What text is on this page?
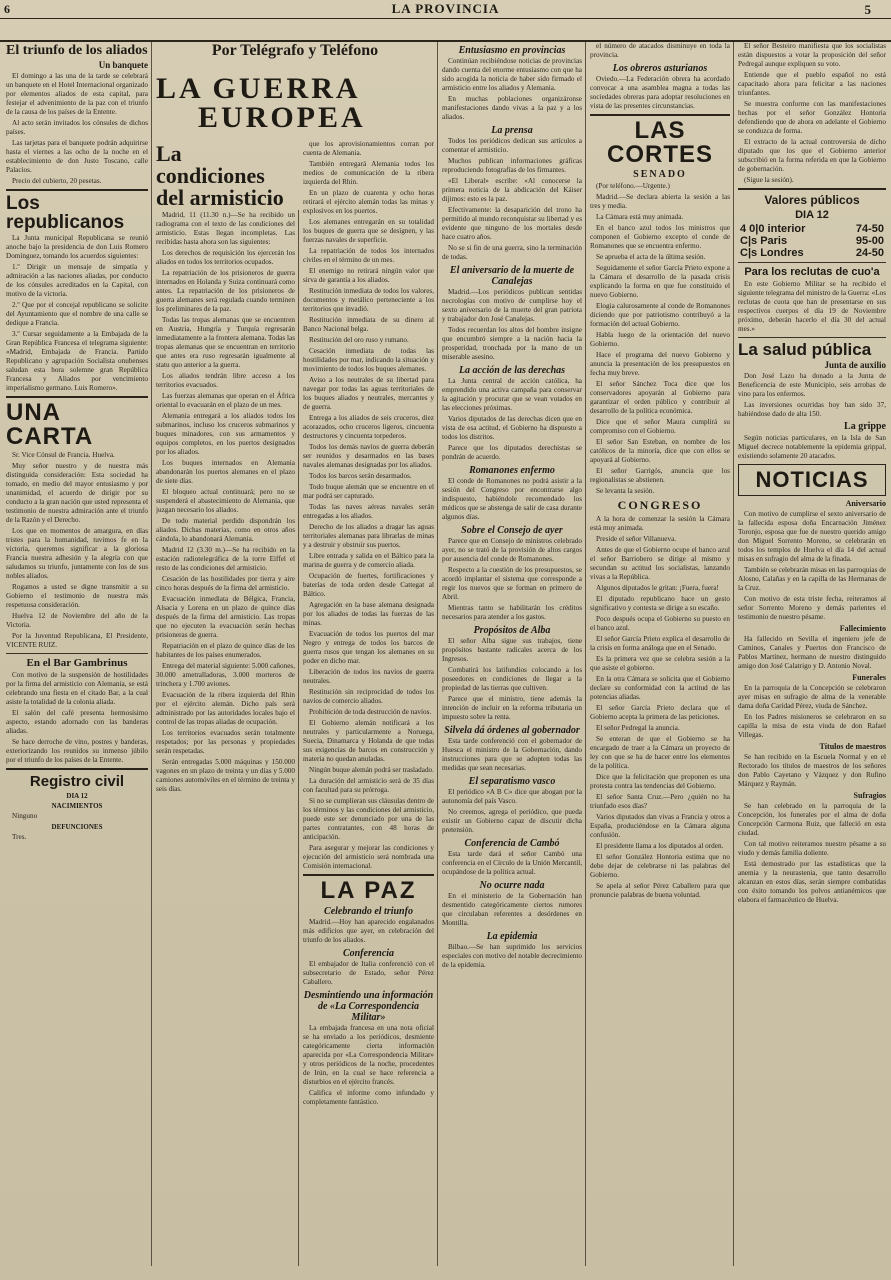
6	LA PROVINCIA	5
El triunfo de los aliados
Un banquete

El domingo a las una de la tarde se celebrará un banquete en el Hotel Internacional organizado por elementos aliados de esta capital, para festejar el advenimiento de la paz con el triunfo de la causa de los países de la Entente.

Al acto serán invitados los cónsules de dichos países.

Las tarjetas para el banquete podrán adquirirse hasta el viernes a las ocho de la noche en el establecimiento de don Justo Toscano, calle Palacios.

Precio del cubierto, 20 pesetas.

Los republicanos

La Junta municipal Republicana se reunió anoche bajo la presidencia de don Luis Romero Domínguez, tomando los acuerdos siguientes:

1.º Dirigir un mensaje de simpatía y admiración a las naciones aliadas, por conducto de los cónsules acreditados en la Capital, con motivo de la victoria.

2.º Que por el concejal republicano se solicite del Ayuntamiento que el nombre de una calle se dedique a Francia.

3.º Cursar seguidamente a la Embajada de la Gran República Francesa el telegrama siguiente: «Madrid, Embajada de Francia. Partido Republicano y agrupación Socialista onubenses saludan esta hora solemne gran República Francesa y Aliados por vencimiento imperialismo germano. Luis Romero».

UNA CARTA

Sr. Vice Cónsul de Francia. Huelva.

Muy señor nuestro y de nuestra más distinguida consideración: Esta sociedad ha tomado, en medio del mayor entusiasmo y por unanimidad, el acuerdo de dirigir por su conducto a la gran nación que usted representa el testimonio de nuestra admiración ante el triunfo de la Razón y el Derecho.

Los que en momentos de amargura, en días tristes para la humanidad, tuvimos fe en la victoria, queremos significar a la gloriosa Francia nuestra adhesión y la alegría con que saludamos su triunfo, juntamente con los de sus nobles aliados.

Rogamos a usted se digne transmitir a su Gobierno el testimonio de nuestra más respetuosa consideración.

Huelva 12 de Noviembre del año de la Victoria.

Por la Juventud Republicana, El Presidente, VICENTE RUIZ.

En el Bar Gambrinus

Con motivo de la suspensión de hostilidades por la firma del armisticio con Alemania, se está celebrando una fiesta en el citado Bar, a la cual asiste la totalidad de la colonia aliada.

El salón del café presenta hermosísimo aspecto, estando adornado con las banderas aliadas.

Se hace derroche de vino, postres y banderas, exteriorizando los reunidos su inmenso júbilo por el triunfo de los países de la Entente.

Registro civil
DIA 12
NACIMIENTOS

Ninguno

DEFUNCIONES

Tres.

Por Telégrafo y Teléfono
LA GUERRA
EUROPEA
La condiciones del armisticio

Madrid, 11 (11.30 n.)—Se ha recibido un radiograma con el texto de las condiciones del armisticio. Estas llegan incompletas. Las recibidas hasta ahora son las siguientes:

Los derechos de requisición los ejercerán los aliados en todos los territorios ocupados.

La repatriación de los prisioneros de guerra internados en Holanda y Suiza continuará como antes. La repatriación de los prisioneros de guerra alemanes será regulada cuando terminen los preliminares de la paz.

Todas las tropas alemanas que se encuentren en Austria, Hungría y Turquía regresarán inmediatamente a la frontera alemana. Todas las tropas alemanas que se encuentran en territorio que antes era ruso regresarán igualmente al statu quo anterior a la guerra.

Los aliados tendrán libre acceso a los territorios evacuados.

Las fuerzas alemanas que operan en el África oriental lo evacuarán en el plazo de un mes.

Alemania entregará a los aliados todos los submarinos, incluso los cruceros submarinos y buques minadores, con sus armamentos y equipos completos, en los puertos designados por los aliados.

Los buques internados en Alemania abandonarán los puertos alemanes en el plazo de siete días.

El bloqueo actual continuará; pero no se suspenderá el abastecimiento de Alemania, que juzgan necesario los aliados.

De todo material perdido dispondrán los aliados. Dichas materias, como en otros años cándola, lo abandonará Alemania.

Madrid 12 (3.30 m.)—Se ha recibido en la estación radiotelegráfica de la torre Eiffel el resto de las condiciones del armisticio.

Cesación de las hostilidades por tierra y aire cinco horas después de la firma del armisticio.

Evacuación inmediata de Bélgica, Francia, Alsacia y Lorena en un plazo de quince días después de la firma del armisticio. Las tropas que no ejecuten la evacuación serán hechas prisioneras de guerra.

Repatriación en el plazo de quince días de los habitantes de los países enumerados.

Entrega del material siguiente: 5.000 cañones, 30.000 ametralladoras, 3.000 morteros de trinchera y 1.700 aviones.

Evacuación de la ribera izquierda del Rhin por el ejército alemán. Dicho país será administrado por las autoridades locales bajo el control de las tropas aliadas de ocupación.

Los territorios evacuados serán totalmente respetados; por las personas y propiedades serán respetadas.

Serán entregadas 5.000 máquinas y 150.000 vagones en un plazo de treinta y un días y 5.000 camiones automóviles en el término de treinta y seis días.

que los aprovisionamientos corran por cuenta de Alemania.

También entregará Alemania todos los medios de comunicación de la ribera izquierda del Rhin.

En un plazo de cuarenta y ocho horas retirará el ejército alemán todas las minas y explosivos en los puertos.

Los alemanes entregarán en su totalidad los buques de guerra que se designen, y las fuerzas navales de superficie.

La repatriación de todos los internados civiles en el término de un mes.

El enemigo no retirará ningún valor que sirva de garantía a los aliados.

Restitución inmediata de todos los valores, documentos y metálico perteneciente a los territorios que invadió.

Restitución inmediata de su dinero al Banco Nacional belga.

Restitución del oro ruso y rumano.

Cesación inmediata de todas las hostilidades por mar, indicando la situación y movimiento de todos los buques alemanes.

Aviso a los neutrales de su libertad para navegar por todas las aguas territoriales de los buques aliados y neutrales, mercantes y de guerra.

Entrega a los aliados de seis cruceros, diez acorazados, ocho cruceros ligeros, cincuenta destructores y cincuenta torpederos.

Todos los demás navíos de guerra deberán ser reunidos y desarmados en las bases navales alemanas designadas por los aliados.

Todos los barcos serán desarmados.

Todo buque alemán que se encuentre en el mar podrá ser capturado.

Todas las naves aéreas navales serán entregadas a los aliados.

Derecho de los aliados a dragar las aguas territoriales alemanas para librarlas de minas y a destruir y obstruir sus puertos.

Libre entrada y salida en el Báltico para la marina de guerra y de comercio aliada.

Ocupación de fuertes, fortificaciones y baterías de toda orden desde Cattegat al Báltico.

Agregación en la base alemana designada por los aliados de todas las fuerzas de las minas.

Evacuación de todos los puertos del mar Negro y entrega de todos los barcos de guerra rusos que tengan los alemanes en su poder en dicho mar.

Liberación de todos los navíos de guerra neutrales.

Restitución sin reciprocidad de todos los navíos de comercio aliados.

Prohibición de toda destrucción de navíos.

El Gobierno alemán notificará a los neutrales y particularmente a Noruega, Suecia, Dinamarca y Holanda de que todas sus exigencias de barcos en construcción y materia no quedan anuladas.

Ningún buque alemán podrá ser trasladado.

La duración del armisticio será de 35 días con facultad para su prórroga.

Si no se cumplieran sus cláusulas dentro de los términos y las condiciones del armisticio, puede este ser denunciado por una de las partes contratantes, con 48 horas de anticipación.

Para asegurar y mejorar las condiciones y ejecución del armisticio será nombrada una Comisión internacional.

LA PAZ
Celebrando el triunfo

Madrid.—Hoy han aparecido engalanados más edificios que ayer, en celebración del triunfo de los aliados.

Conferencia

El embajador de Italia conferenció con el subsecretario de Estado, señor Pérez Caballero.

Desmintiendo una información de «La Correspondencia Militar»

La embajada francesa en una nota oficial se ha enviado a los periódicos, desmiente categóricamente cierta información aparecida por «La Correspondencia Militar» y otros periódicos de la noche, procedentes de Irún, en la cual se hace referencia a disturbios en el ejército francés.

Califica el informe como infundado y completamente fantástico.

Entusiasmo en provincias

Continúan recibiéndose noticias de provincias dando cuenta del enorme entusiasmo con que ha sido acogida la noticia de haber sido firmado el armisticio entre los aliados y Alemania.

En muchas poblaciones organizáronse manifestaciones dando vivas a la paz y a los aliados.

La prensa

Todos los periódicos dedican sus artículos a comentar el armisticio.

Muchos publican informaciones gráficas reproduciendo fotografías de los firmantes.

«El Liberal» escribe: «Al conocerse la primera noticia de la abdicación del Káiser dijimos: esto es la paz.

Efectivamente: la desaparición del trono ha permitido al mundo reconquistar su libertad y es evidente que ninguno de los mortales desde hace cuatro años.

No se si fin de una guerra, sino la terminación de todas.

El aniversario de la muerte de Canalejas

Madrid.—Los periódicos publican sentidas necrologías con motivo de cumplirse hoy el sexto aniversario de la muerte del gran patriota y trabajador don José Canalejas.

Todos recuerdan los altos del hombre insigne que encumbró siempre a la nación hacia la prosperidad, tronchada por la mano de un miserable asesino.

La acción de las derechas

La Junta central de acción católica, ha emprendido una activa campaña para conservar la agitación y procurar que se vean votados en las elecciones próximas.

Varios diputados de las derechas dicen que en vista de esa actitud, el Gobierno ha dispuesto a todos los distritos.

Parece que los diputados derechistas se pondrán de acuerdo.

Romanones enfermo

El conde de Romanones no podrá asistir a la sesión del Congreso por encontrarse algo indispuesto, habiéndole recomendado los médicos que se abstenga de salir de casa durante algunos días.

Sobre el Consejo de ayer

Parece que en Consejo de ministros celebrado ayer, no se trató de la provisión de altos cargos por ausencia del conde de Romanones.

Respecto a la cuestión de los presupuestos, se acordó implantar el sistema que corresponde a regir los nuevos que se forman en primero de Abril.

Mientras tanto se habilitarán los créditos necesarios para atender a los gastos.

Propósitos de Alba

El señor Alba sigue sus trabajos, tiene propósitos bastante radicales acerca de los Ingresos.

Combatirá los latifundios colocando a los poseedores en condiciones de llegar a la propiedad de las tierras que cultiven.

Parece que el ministro, tiene además la intención de incluir en la reforma tributaria un impuesto sobre la renta.

Silvela dá órdenes al gobernador

Esta tarde conferenció con el gobernador de Huesca el ministro de la Gobernación, dando instrucciones para que se adopten todas las medidas que sean necesarias.

El separatismo vasco

El periódico «A B C» dice que abogan por la autonomía del país Vasco.

No creemos, agrega el periódico, que pueda existir un Gobierno capaz de discutir dicha pretensión.

Conferencia de Cambó

Esta tarde dará el señor Cambó una conferencia en el Círculo de la Unión Mercantil, ocupándose de la política actual.

No ocurre nada

En el ministerio de la Gobernación han desmentido categóricamente ciertos rumores que circulaban referentes a desórdenes en Montilla.

La epidemia

Bilbao.—Se han suprimido los servicios especiales con motivo del notable decrecimiento de la epidemia.

el número de atacados disminuye en toda la provincia.

Los obreros asturianos

Oviedo.—La Federación obrera ha acordado convocar a una asamblea magna a todas las sociedades obreras para adoptar resoluciones en vista de las presentes circunstancias.

LAS CORTES
SENADO

(Por teléfono.—Urgente.)

Madrid.—Se declara abierta la sesión a las tres y media.

La Cámara está muy animada.

En el banco azul todos los ministros que componen el Gobierno excepto el conde de Romanones que se encuentra enfermo.

Se aprueba el acta de la última sesión.

Seguidamente el señor García Prieto expone a la Cámara el desarrollo de la pasada crisis explicando la forma en que fue constituido el nuevo Gobierno.

Elogia calurosamente al conde de Romanones diciendo que por patriotismo contribuyó a la formación del actual Gobierno.

Habla luego de la orientación del nuevo Gobierno.

Hace el programa del nuevo Gobierno y anuncia la presentación de los presupuestos en fecha muy breve.

El señor Sánchez Toca dice que los conservadores apoyarán al Gobierno para garantizar el orden público y contribuir al desarrollo de la política económica.

Dice que el señor Maura cumplirá su compromiso con el Gobierno.

El señor San Esteban, en nombre de los católicos de la minoría, dice que con ellos se apoyará al Gobierno.

El señor Garrigós, anuncia que los regionalistas se abstienen.

Se levanta la sesión.

CONGRESO

A la hora de comenzar la sesión la Cámara está muy animada.

Preside el señor Villanueva.

Antes de que el Gobierno ocupe el banco azul el señor Barriobero se dirige al mismo y secundan su actitud los socialistas, lanzando vivas a la República.

Algunos diputados le gritan: ¡Fuera, fuera!

El diputado republicano hace un gesto significativo y contesta se dirige a su escaño.

Poco después ocupa el Gobierno su puesto en el banco azul.

El señor García Prieto explica el desarrollo de la crisis en forma análoga que en el Senado.

Es la primera vez que se celebra sesión a la que asiste el gobierno.

En la otra Cámara se solicita que el Gobierno declare su conformidad con la actitud de las potencias aliadas.

El señor García Prieto declara que el Gobierno acepta la primera de las peticiones.

El señor Pedregal la anuncia.

Se enteran de que el Gobierno se ha encargado de traer a la Cámara un proyecto de ley con que se ha de hacer entre los elementos de la política.

Dice que la felicitación que proponen es una protesta contra las tendencias del Gobierno.

El señor Santa Cruz.—Pero ¿quién no ha triunfado esos días?

Varios diputados dan vivas a Francia y otros a España, produciéndose en la Cámara alguna confusión.

El presidente llama a los diputados al orden.

El señor González Hontoria estima que no debe dejar de celebrarse ni las palabras del Gobierno.

Se apela al señor Pérez Caballero para que pronuncie palabras de buena voluntad.

El señor Besteiro manifiesta que los socialistas están dispuestos a votar la proposición del señor Pedregal aunque expliquen su voto.

Entiende que el pueblo español no está capacitado ahora para felicitar a las naciones triunfantes.

Se muestra conforme con las manifestaciones hechas por el señor González Hontoria defendiendo que de ahora en adelante el Gobierno se conduzca de forma.

El extracto de la actual controversia de dicho diputado que los que el Gobierno anterior subscribió en la forma referida en que la Gobierno de gobernación.

(Sigue la sesión).

Valores públicos
DIA 12
4 0|0 interior	74-50
C|s Paris	95-00
C|s Londres	24-50
Para los reclutas de cuo'a

En este Gobierno Militar se ha recibido el siguiente telegrama del ministro de la Guerra: «Los reclutas de cuota que han de presentarse en sus respectivos cuerpos el día 19 de Noviembre próximo, deberán hacerlo el día 30 del actual mes.»

La salud pública
Junta de auxilio

Don José Lazo ha donado a la Junta de Beneficencia de este Municipio, seis arrobas de vino para los enfermos.

Las inversiones ocurridas hoy han sido 37, habiéndose dado de alta 150.

La grippe

Según noticias particulares, en la Isla de San Miguel decrece notablemente la epidemia grippal, existiendo solamente 20 atacados.

NOTICIAS
Aniversario

Con motivo de cumplirse el sexto aniversario de la fallecida esposa doña Encarnación Jiménez Toronjo, esposa que fue de nuestro querido amigo don Miguel Sorrento Moreno, se celebrarán en todos los templos de Huelva el día 14 del actual misas en sufragio del alma de la finada.

También se celebrarán misas en las parroquias de Alosno, Calañas y en la capilla de las Hermanas de la Cruz.

Con motivo de esta triste fecha, reiteramos al señor Sorrento Moreno y demás parientes el testimonio de nuestro pésame.

Fallecimiento

Ha fallecido en Sevilla el ingeniero jefe de Caminos, Canales y Puertos don Francisco de Pablos Martínez, hermano de nuestro distinguido amigo don José Calatrigo y D. Antonio Noval.

Funerales

En la parroquia de la Concepción se celebraron ayer misas en sufragio de alma de la venerable dama doña Caridad Pérez, viuda de Sánchez.

En los Padres misioneros se celebraron en su capilla la misa de esta viuda de don Rafael Villegas.

Títulos de maestros

Se han recibido en la Escuela Normal y en el Rectorado los títulos de maestros de los señores don Pablo Cayetano y Vázquez y don Rufino Márquez y Raymán.

Sufragios

Se han celebrado en la parroquia de la Concepción, los funerales por el alma de doña Concepción Carmona Ruiz, que falleció en esta ciudad.

Con tal motivo reiteramos nuestro pésame a su viudo y demás familia doliente.

Está demostrado por las estadísticas que la anemia y la neurastenia, que tanto desarrollo alcanzan en estos días, serán siempre combatidas con éxito tomando los polvos antianémicos que elabora el farmacéutico de Huelva.
